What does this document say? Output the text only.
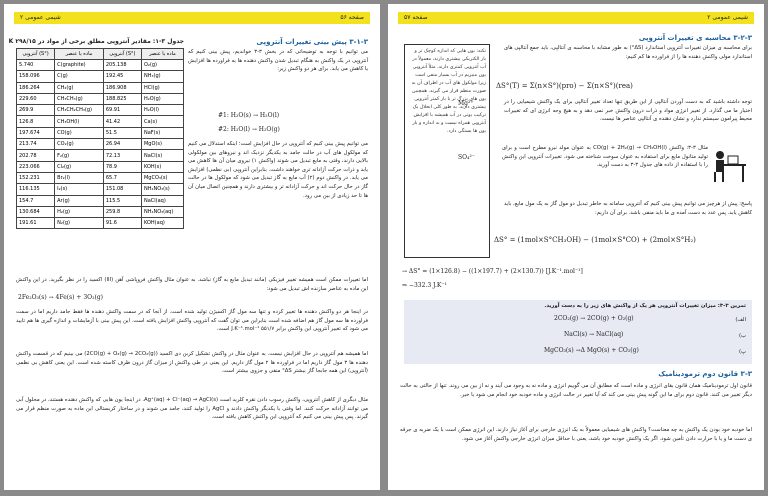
صفحه ۵۶
شیمی عمومی ۲
جدول ۳-۱: مقادیر آنتروپی مطلق برخی از مواد در ۲۹۸/۱۵ K
آنتروپی (S°)	ماده یا عنصر	آنتروپی (S°)	ماده یا عنصر
5.740	C(graphite)	205.138	O₂(g)
158.096	C(g)	192.45	NH₃(g)
186.264	CH₄(g)	186.908	HCl(g)
229.60	CH₃CH₃(g)	188.825	H₂O(g)
269.9	CH₃CH₂CH₃(g)	69.91	H₂O(l)
126.8	CH₃OH(l)	41.42	Ca(s)
197.674	CO(g)	51.5	NaF(s)
213.74	CO₂(g)	26.94	MgO(s)
202.78	F₂(g)	72.13	NaCl(s)
223.066	Cl₂(g)	78.9	KOH(s)
152.231	Br₂(l)	65.7	MgCO₃(s)
116.135	I₂(s)	151.08	NH₄NO₃(s)
154.7	Ar(g)	115.5	NaCl(aq)
130.684	H₂(g)	259.8	NH₄NO₃(aq)
191.61	N₂(g)	91.6	KOH(aq)
۳-۱-۳ پیش بینی تغییرات آنتروپی
می توانیم با توجه به توضیحاتی که در بخش ۳-۳ خواندیم، پیش بینی کنیم که آنتروپی در یک واکنش به هنگام تبدیل شدن واکنش دهنده ها به فراورده ها افزایش یا کاهش می یابد. برای هر دو واکنش زیر:
#1: H₂O(s) → H₂O(l)
#2: H₂O(l) → H₂O(g)
می توانیم پیش بینی کنیم که آنتروپی در حال افزایش است؛ اینکه استدلال می کنیم که مولکول های آب در حالت جامد به یکدیگر نزدیک اند و نیروهای بین مولکولی بالایی دارند، وقتی به مایع تبدیل می شوند (واکنش ۱) نیروی میان آن ها کاهش می یابد و ذرات حرکت آزادانه تری خواهند داشت. بنابراین آنتروپی (بی نظمی) افزایش می یابد. در واکنش دوم (۲) آب مایع به گاز تبدیل می شود که مولکول ها در حالت گاز در حال حرکت اند و حرکت آزادانه تر و بیشتری دارند و همچنین اتصال میان آن ها تا حد زیادی از بین می رود.
اما تغییرات ممکن است همیشه تغییر فیزیکی (مانند تبدیل مایع به گاز) نباشد. به عنوان مثال واکنش فروپاشی آهن (III) اکسید را در نظر بگیرید. در این واکنش این ماده به عناصر سازنده اش تبدیل می شود:
2Fe₂O₃(s) → 4Fe(s) + 3O₂(g)
در اینجا هر دو واکنش دهنده ها تغییر کرده و تنها سه مول گاز اکسیژن تولید شده است. از آنجا که در سمت واکنش دهنده ها فقط جامد داریم اما در سمت فراورده ها سه مول گاز هم اضافه شده است بنابراین می توان گفت که آنتروپی واکنش افزایش یافته است. این پیش بینی با آزمایشات و اندازه گیری ها هم تایید می شود که تغییر آنتروپی این واکنش برابر ۵۵۱/۷ J.K⁻¹.mol⁻¹ است.
اما همیشه هم آنتروپی در حال افزایش نیست. به عنوان مثال در واکنش تشکیل کربن دی اکسید (2CO(g) + O₂(g) → 2CO₂(g)) می بینیم که در قسمت واکنش دهنده ها ۳ مول گاز داریم اما در فراورده ها ۲ مول گاز داریم. این یعنی در طی واکنش از میزان گاز درون ظرف کاسته شده است. این یعنی کاهش بی نظمی (آنتروپی) این همه جابجا گاز بیشتر ΔS° منفی و جزوی بیشتر است.
مثال دیگری از کاهش آنتروپی، واکنش رسوب دادن نقره کلرید است Ag⁺(aq) + Cl⁻(aq) → AgCl(s). در اینجا یون هایی که واکنش دهنده هستند، در محلول آبی می توانند آزادانه حرکت کنند. اما وقتی با یکدیگر واکنش دادند و AgCl را تولید کنند، جامد می شوند و در ساختار کریستالی این ماده به صورت منظم قرار می گیرند. پس پیش بینی می کنیم که آنتروپی این واکنش کاهش یافته است.
شیمی عمومی ۲
صفحه ۵۷
نکته: یون هایی که اندازه کوچک تر و بار الکتریکی بیشتری دارند، معمولاً در آب آنتروپی کمتری دارند. مثلاً آنتروپی یون منیزیم در آب بسیار منفی است زیرا مولکول های آب در اطراف آن به صورت منظم قرار می گیرند. همچنین یون های بزرگ تر با بار کمتر آنتروپی بیشتری دارند. به طور کلی انحلال یک ترکیب یونی در آب همیشه با افزایش آنتروپی همراه نیست و به اندازه و بار یون ها بستگی دارد.
Mg²⁺
SO₄²⁻
۳-۲-۳ محاسبه ی تغییرات آنتروپی
برای محاسبه ی میزان تغییرات آنتروپی استاندارد (ΔS°) به طور مشابه با محاسبه ی آنتالپی، باید جمع آنتالپی های استاندارد مولی واکنش دهنده ها را از فراورده ها کم کنیم:
ΔS°(T) = Σ(n×S°)(pro) − Σ(n×S°)(rea)
توجه داشته باشید که به دست آوردن آنتالپی از این طریق تنها تعداد تغییر آنتالپی برای یک واکنش شیمیایی را در اختیار ما می گذارد. از تغییر انرژی مواد و ذرات درون واکنش خبر نمی دهد و به هیچ وجه انرژی ای که تغییرات محیط پیرامون سیستم ندارد و نشان دهنده ی آنتالپی عناصر ها نیست.
مثال ۳-۳: واکنش CO(g) + 2H₂(g) → CH₃OH(l) به عنوان مولد نیرو مطرح است و برای تولید متانول مایع برای استفاده به عنوان سوخت شناخته می شود. تغییرات آنتروپی این واکنش را با استفاده از داده های جدول ۳-۳ به دست آورید.
پاسخ: پیش از هرچیز می توانیم پیش بینی کنیم که آنتروپی سامانه به خاطر تبدیل دو مول گاز به یک مول مایع، باید کاهش یابد. پس عدد به دست آمده ی ما باید منفی باشد. برای آن داریم:
ΔS° = (1mol×S°CH₃OH) − (1mol×S°CO) + (2mol×S°H₂)
→ ΔS° = (1×126.8) − ((1×197.7) + (2×130.7)) [J.K⁻¹.mol⁻¹]
⇒ −332.3 J.K⁻¹
تمرین ۳-۳: میزان تغییرات آنتروپی هر یک از واکنش های زیر را به دست آورید.
الف)
2CO₂(g) → 2CO(g) + O₂(g)
ب)
NaCl(s) → NaCl(aq)
پ)
MgCO₃(s) →Δ MgO(s) + CO₂(g)
۳-۳ قانون دوم ترمودینامیک
قانون اول ترمودینامیک همان قانون بقای انرژی و ماده است که مطابق آن می گوییم انرژی و ماده نه به وجود می آیند و نه از بین می روند. تنها از حالتی به حالت دیگر تغییر می کنند. قانون دوم برای ما این گونه پیش بینی می کند که آیا تغییر در حالت انرژی و ماده خودبه خود انجام می شود یا خیر.
اما خودبه خود بودن یک واکنش به چه معناست؟ واکنش های شیمیایی معمولاً به یک انرژی خارجی برای آغاز نیاز دارند. این انرژی ممکن است با یک ضربه ی جرقه ی دست ما و یا با حرارت دادن تأمین شود. اگر یک واکنش خودبه خود باشد، یعنی با حداقل میزان انرژی خارجی واکنش آغاز می شود.
